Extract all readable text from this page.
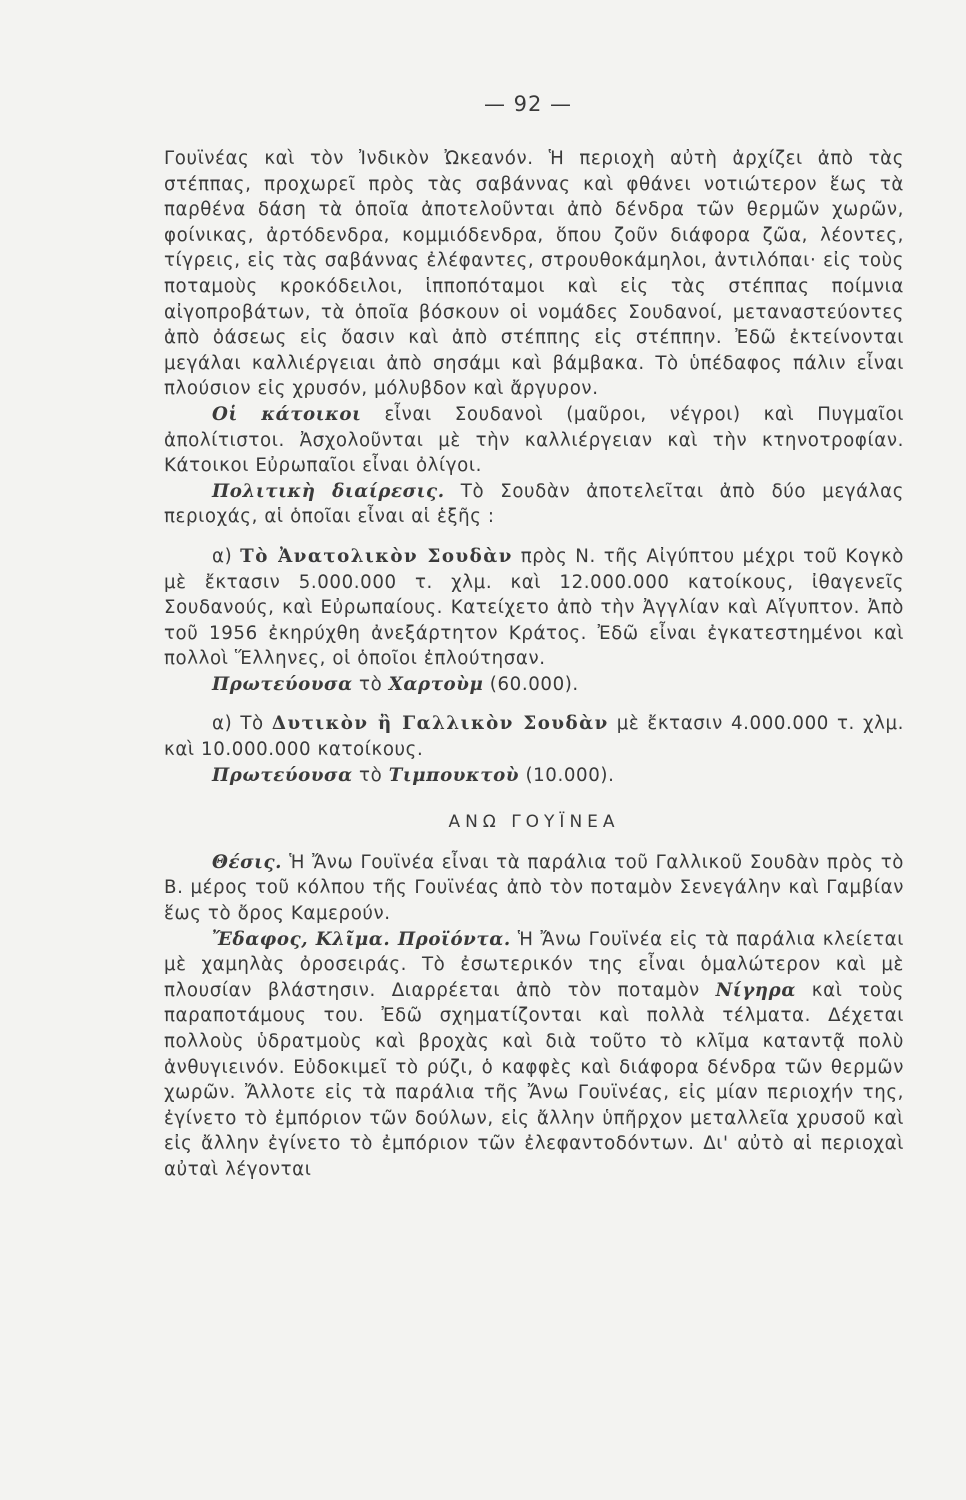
— 92 —

Γουϊνέας καὶ τὸν Ἰνδικὸν Ὠκεανόν. Ἡ περιοχὴ αὐτὴ ἀρχίζει ἀπὸ τὰς στέππας, προχωρεῖ πρὸς τὰς σαβάννας καὶ φθάνει νοτιώτερον ἕως τὰ παρθένα δάση τὰ ὁποῖα ἀποτελοῦνται ἀπὸ δένδρα τῶν θερμῶν χωρῶν, φοίνικας, ἀρτόδενδρα, κομμιόδενδρα, ὅπου ζοῦν διάφορα ζῶα, λέοντες, τίγρεις, εἰς τὰς σαβάννας ἐλέφαντες, στρουθοκάμηλοι, ἀντιλόπαι· εἰς τοὺς ποταμοὺς κροκόδειλοι, ἱπποπόταμοι καὶ εἰς τὰς στέππας ποίμνια αἰγοπροβάτων, τὰ ὁποῖα βόσκουν οἱ νομάδες Σουδανοί, μεταναστεύοντες ἀπὸ ὀάσεως εἰς ὄασιν καὶ ἀπὸ στέππης εἰς στέππην. Ἐδῶ ἐκτείνονται μεγάλαι καλλιέργειαι ἀπὸ σησάμι καὶ βάμβακα. Τὸ ὑπέδαφος πάλιν εἶναι πλούσιον εἰς χρυσόν, μόλυβδον καὶ ἄργυρον.

Οἱ κάτοικοι εἶναι Σουδανοὶ (μαῦροι, νέγροι) καὶ Πυγμαῖοι ἀπολίτιστοι. Ἀσχολοῦνται μὲ τὴν καλλιέργειαν καὶ τὴν κτηνοτροφίαν. Κάτοικοι Εὐρωπαῖοι εἶναι ὀλίγοι.

Πολιτικὴ διαίρεσις. Τὸ Σουδὰν ἀποτελεῖται ἀπὸ δύο μεγάλας περιοχάς, αἱ ὁποῖαι εἶναι αἱ ἑξῆς :

α) Τὸ Ἀνατολικὸν Σουδὰν πρὸς Ν. τῆς Αἰγύπτου μέχρι τοῦ Κογκὸ μὲ ἔκτασιν 5.000.000 τ. χλμ. καὶ 12.000.000 κατοίκους, ἰθαγενεῖς Σουδανούς, καὶ Εὐρωπαίους. Κατείχετο ἀπὸ τὴν Ἀγγλίαν καὶ Αἴγυπτον. Ἀπὸ τοῦ 1956 ἐκηρύχθη ἀνεξάρτητον Κράτος. Ἐδῶ εἶναι ἐγκατεστημένοι καὶ πολλοὶ Ἕλληνες, οἱ ὁποῖοι ἐπλούτησαν.

Πρωτεύουσα τὸ Χαρτοὺμ (60.000).

α) Τὸ Δυτικὸν ἢ Γαλλικὸν Σουδὰν μὲ ἔκτασιν 4.000.000 τ. χλμ. καὶ 10.000.000 κατοίκους.

Πρωτεύουσα τὸ Τιμπουκτοὺ (10.000).

ΑΝΩ ΓΟΥΪΝΕΑ

Θέσις. Ἡ Ἄνω Γουϊνέα εἶναι τὰ παράλια τοῦ Γαλλικοῦ Σουδὰν πρὸς τὸ Β. μέρος τοῦ κόλπου τῆς Γουϊνέας ἀπὸ τὸν ποταμὸν Σενεγάλην καὶ Γαμβίαν ἕως τὸ ὄρος Καμερούν.

Ἔδαφος, Κλῖμα. Προϊόντα. Ἡ Ἄνω Γουϊνέα εἰς τὰ παράλια κλείεται μὲ χαμηλὰς ὀροσειράς. Τὸ ἐσωτερικόν της εἶναι ὁμαλώτερον καὶ μὲ πλουσίαν βλάστησιν. Διαρρέεται ἀπὸ τὸν ποταμὸν Νίγηρα καὶ τοὺς παραποτάμους του. Ἐδῶ σχηματίζονται καὶ πολλὰ τέλματα. Δέχεται πολλοὺς ὑδρατμοὺς καὶ βροχὰς καὶ διὰ τοῦτο τὸ κλῖμα καταντᾷ πολὺ ἀνθυγιεινόν. Εὐδοκιμεῖ τὸ ρύζι, ὁ καφφὲς καὶ διάφορα δένδρα τῶν θερμῶν χωρῶν. Ἄλλοτε εἰς τὰ παράλια τῆς Ἄνω Γουϊνέας, εἰς μίαν περιοχήν της, ἐγίνετο τὸ ἐμπόριον τῶν δούλων, εἰς ἄλλην ὑπῆρχον μεταλλεῖα χρυσοῦ καὶ εἰς ἄλλην ἐγίνετο τὸ ἐμπόριον τῶν ἐλεφαντοδόντων. Δι' αὐτὸ αἱ περιοχαὶ αὐταὶ λέγονται
